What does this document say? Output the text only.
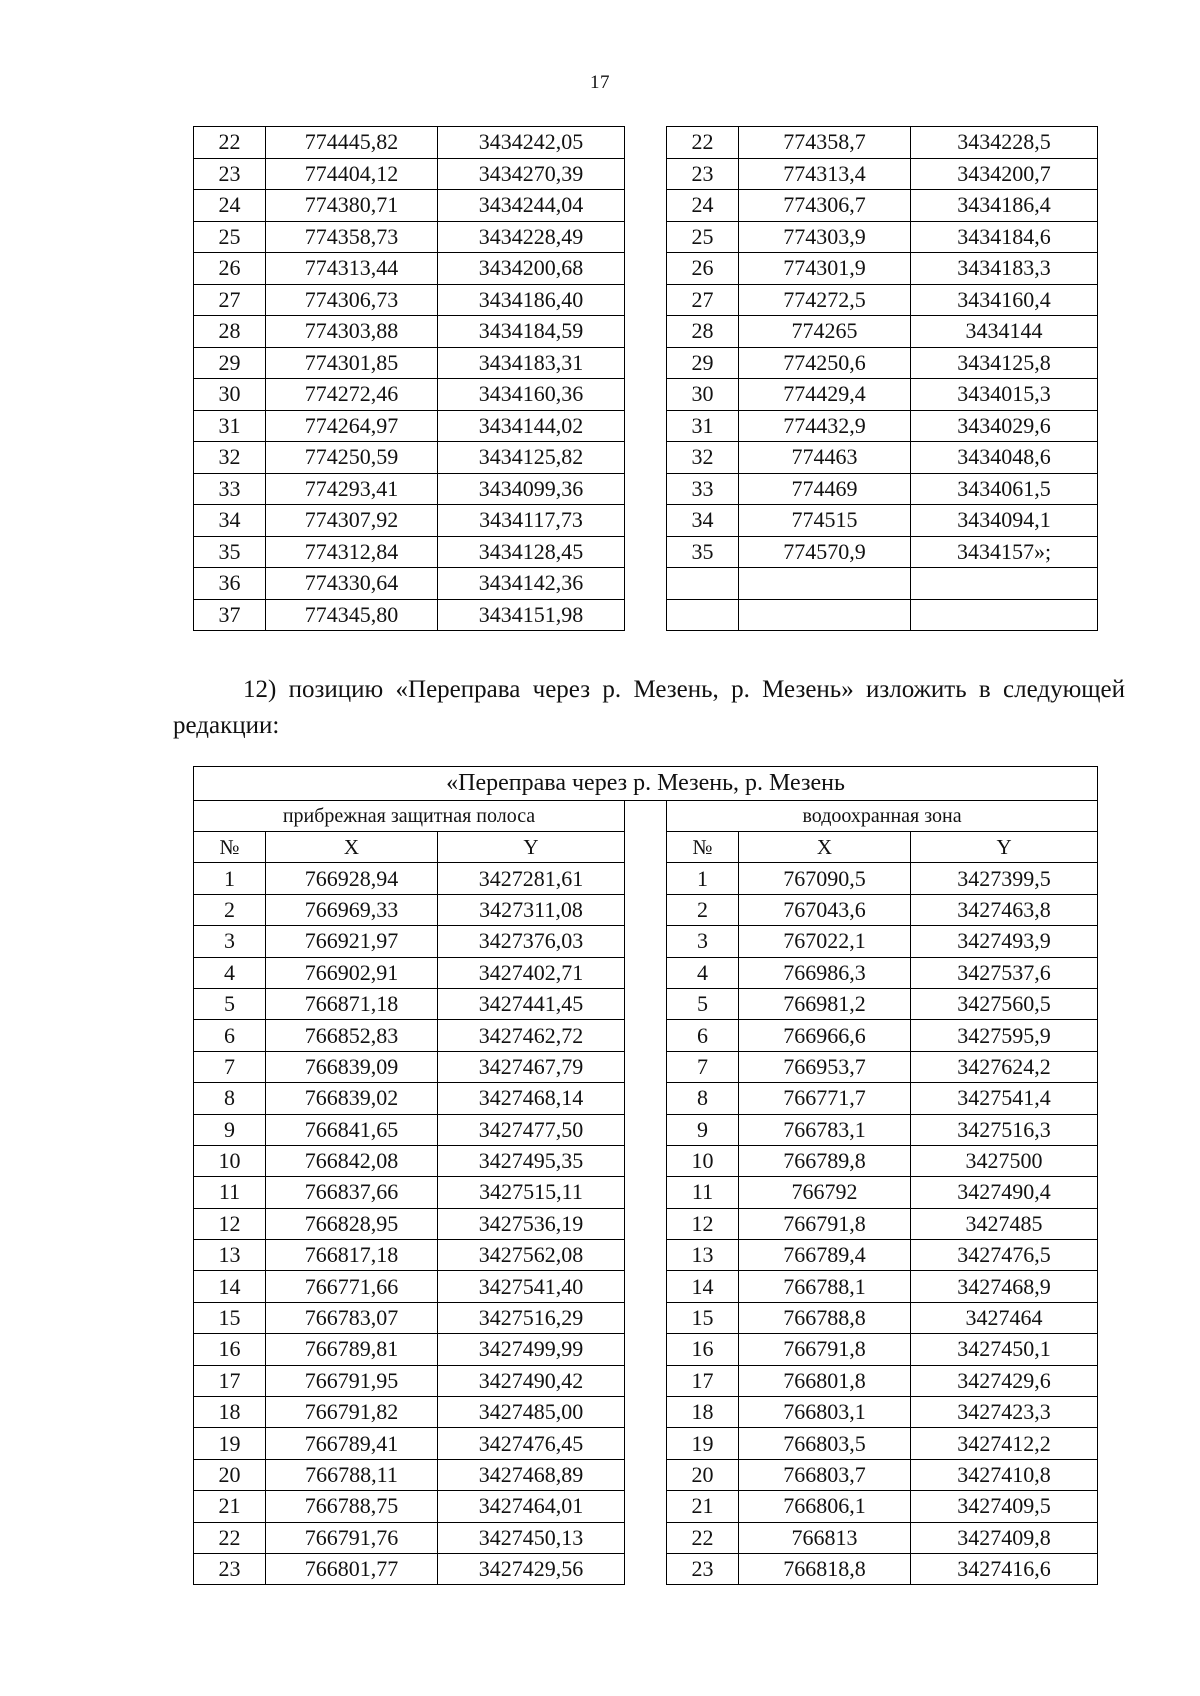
17
22	774445,82	3434242,05		22	774358,7	3434228,5
23	774404,12	3434270,39		23	774313,4	3434200,7
24	774380,71	3434244,04		24	774306,7	3434186,4
25	774358,73	3434228,49		25	774303,9	3434184,6
26	774313,44	3434200,68		26	774301,9	3434183,3
27	774306,73	3434186,40		27	774272,5	3434160,4
28	774303,88	3434184,59		28	774265	3434144
29	774301,85	3434183,31		29	774250,6	3434125,8
30	774272,46	3434160,36		30	774429,4	3434015,3
31	774264,97	3434144,02		31	774432,9	3434029,6
32	774250,59	3434125,82		32	774463	3434048,6
33	774293,41	3434099,36		33	774469	3434061,5
34	774307,92	3434117,73		34	774515	3434094,1
35	774312,84	3434128,45		35	774570,9	3434157»;
36	774330,64	3434142,36				
37	774345,80	3434151,98				
12) позицию «Переправа через р. Мезень, р. Мезень» изложить в следующей редакции:
«Переправа через р. Мезень, р. Мезень						
прибрежная защитная полоса				водоохранная зона		
№	X	Y		№	X	Y
1	766928,94	3427281,61		1	767090,5	3427399,5
2	766969,33	3427311,08		2	767043,6	3427463,8
3	766921,97	3427376,03		3	767022,1	3427493,9
4	766902,91	3427402,71		4	766986,3	3427537,6
5	766871,18	3427441,45		5	766981,2	3427560,5
6	766852,83	3427462,72		6	766966,6	3427595,9
7	766839,09	3427467,79		7	766953,7	3427624,2
8	766839,02	3427468,14		8	766771,7	3427541,4
9	766841,65	3427477,50		9	766783,1	3427516,3
10	766842,08	3427495,35		10	766789,8	3427500
11	766837,66	3427515,11		11	766792	3427490,4
12	766828,95	3427536,19		12	766791,8	3427485
13	766817,18	3427562,08		13	766789,4	3427476,5
14	766771,66	3427541,40		14	766788,1	3427468,9
15	766783,07	3427516,29		15	766788,8	3427464
16	766789,81	3427499,99		16	766791,8	3427450,1
17	766791,95	3427490,42		17	766801,8	3427429,6
18	766791,82	3427485,00		18	766803,1	3427423,3
19	766789,41	3427476,45		19	766803,5	3427412,2
20	766788,11	3427468,89		20	766803,7	3427410,8
21	766788,75	3427464,01		21	766806,1	3427409,5
22	766791,76	3427450,13		22	766813	3427409,8
23	766801,77	3427429,56		23	766818,8	3427416,6
